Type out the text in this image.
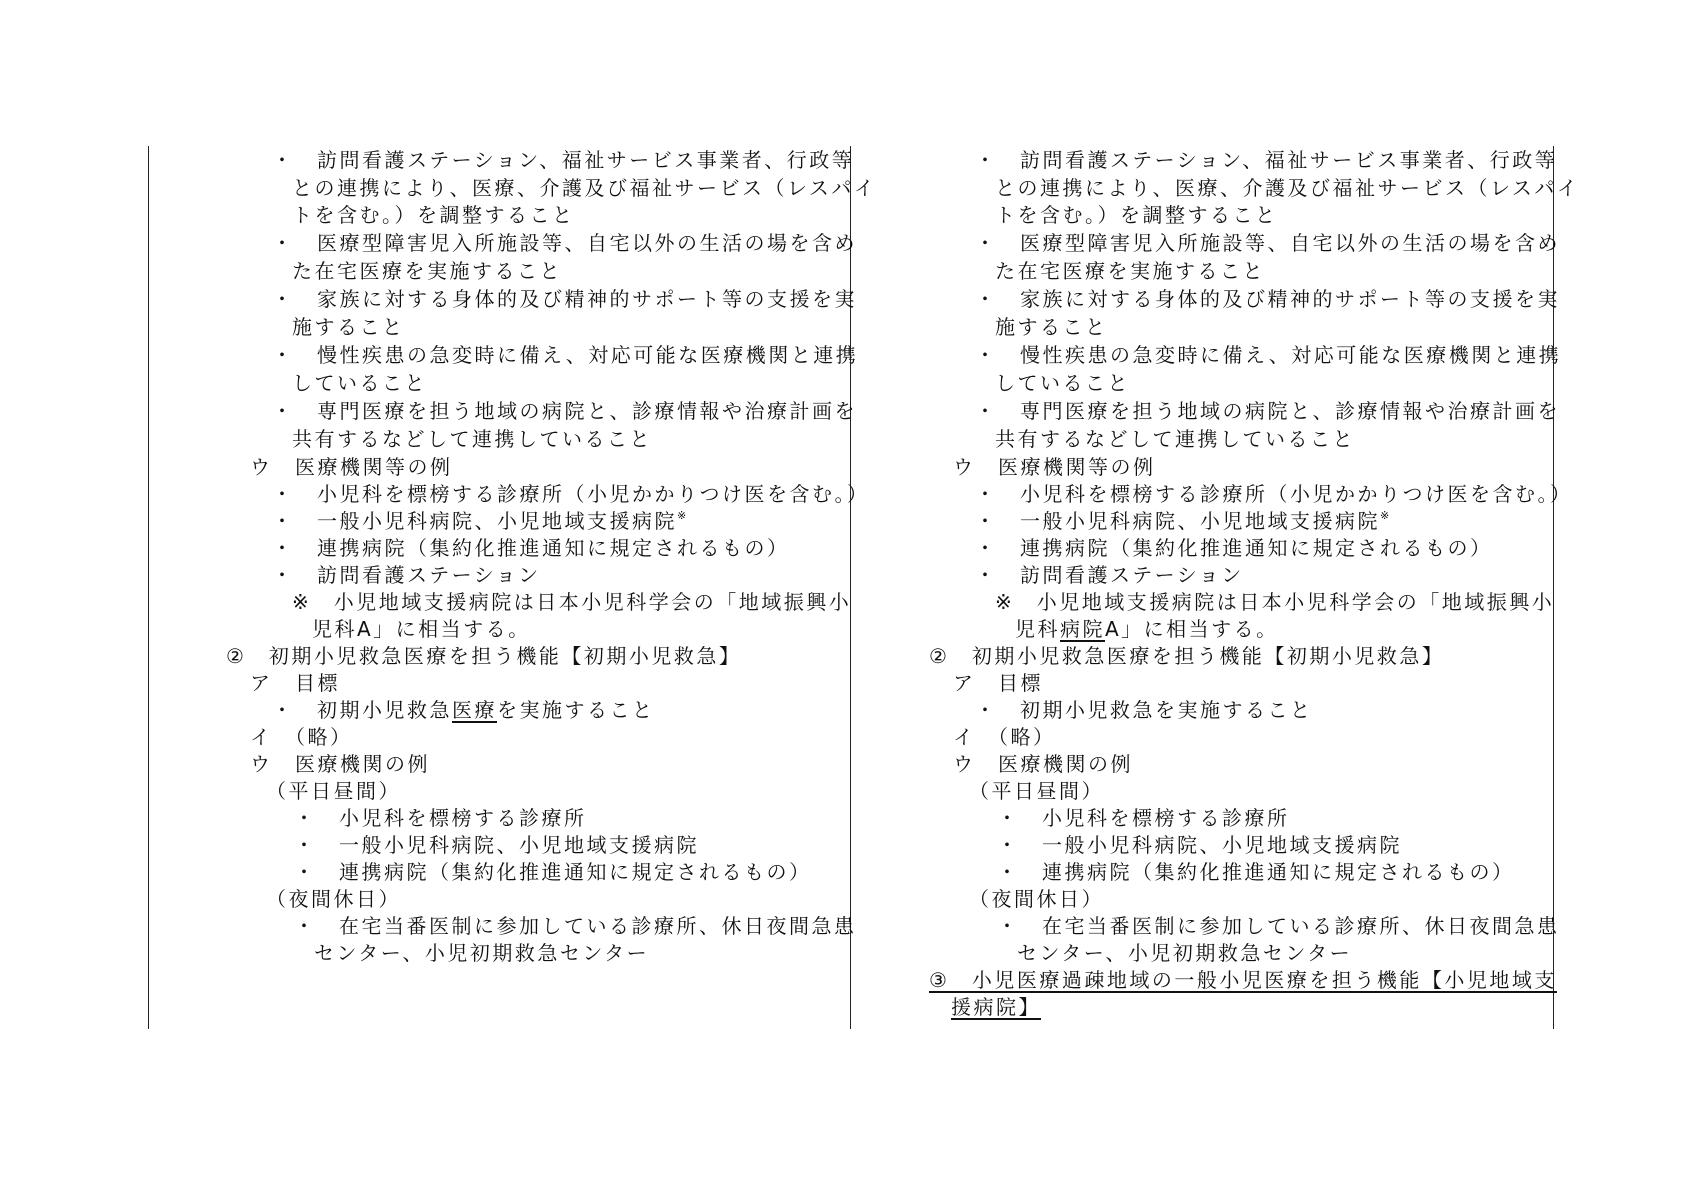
・　訪問看護ステーション、福祉サービス事業者、行政等
との連携により、医療、介護及び福祉サービス（レスパイ
トを含む。）を調整すること
・　医療型障害児入所施設等、自宅以外の生活の場を含め
た在宅医療を実施すること
・　家族に対する身体的及び精神的サポート等の支援を実
施すること
・　慢性疾患の急変時に備え、対応可能な医療機関と連携
していること
・　専門医療を担う地域の病院と、診療情報や治療計画を
共有するなどして連携していること
ウ　医療機関等の例
・　小児科を標榜する診療所（小児かかりつけ医を含む。）
・　一般小児科病院、小児地域支援病院※
・　連携病院（集約化推進通知に規定されるもの）
・　訪問看護ステーション
※　小児地域支援病院は日本小児科学会の「地域振興小
児科A」に相当する。
②　初期小児救急医療を担う機能【初期小児救急】
ア　目標
・　初期小児救急医療を実施すること
イ　（略）
ウ　医療機関の例
（平日昼間）
・　小児科を標榜する診療所
・　一般小児科病院、小児地域支援病院
・　連携病院（集約化推進通知に規定されるもの）
（夜間休日）
・　在宅当番医制に参加している診療所、休日夜間急患
センター、小児初期救急センター
・　訪問看護ステーション、福祉サービス事業者、行政等
との連携により、医療、介護及び福祉サービス（レスパイ
トを含む。）を調整すること
・　医療型障害児入所施設等、自宅以外の生活の場を含め
た在宅医療を実施すること
・　家族に対する身体的及び精神的サポート等の支援を実
施すること
・　慢性疾患の急変時に備え、対応可能な医療機関と連携
していること
・　専門医療を担う地域の病院と、診療情報や治療計画を
共有するなどして連携していること
ウ　医療機関等の例
・　小児科を標榜する診療所（小児かかりつけ医を含む。）
・　一般小児科病院、小児地域支援病院※
・　連携病院（集約化推進通知に規定されるもの）
・　訪問看護ステーション
※　小児地域支援病院は日本小児科学会の「地域振興小
児科病院A」に相当する。
②　初期小児救急医療を担う機能【初期小児救急】
ア　目標
・　初期小児救急を実施すること
イ　（略）
ウ　医療機関の例
（平日昼間）
・　小児科を標榜する診療所
・　一般小児科病院、小児地域支援病院
・　連携病院（集約化推進通知に規定されるもの）
（夜間休日）
・　在宅当番医制に参加している診療所、休日夜間急患
センター、小児初期救急センター
③　小児医療過疎地域の一般小児医療を担う機能【小児地域支
援病院】
